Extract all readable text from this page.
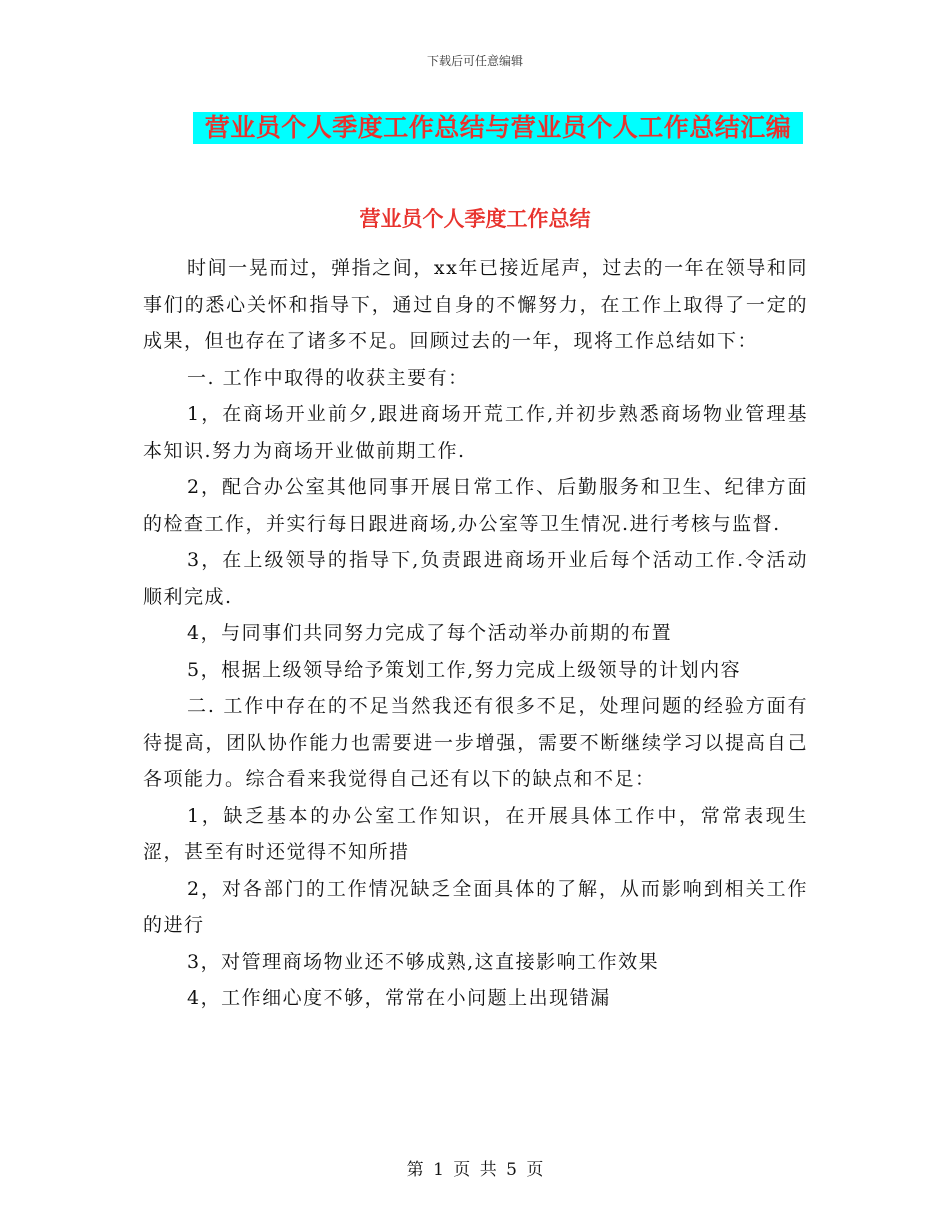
下载后可任意编辑
营业员个人季度工作总结与营业员个人工作总结汇编
营业员个人季度工作总结

时间一晃而过，弹指之间，xx年已接近尾声，过去的一年在领导和同事们的悉心关怀和指导下，通过自身的不懈努力，在工作上取得了一定的成果，但也存在了诸多不足。回顾过去的一年，现将工作总结如下：

一. 工作中取得的收获主要有：

1，在商场开业前夕,跟进商场开荒工作,并初步熟悉商场物业管理基本知识.努力为商场开业做前期工作.

2，配合办公室其他同事开展日常工作、后勤服务和卫生、纪律方面的检查工作，并实行每日跟进商场,办公室等卫生情况.进行考核与监督.

3，在上级领导的指导下,负责跟进商场开业后每个活动工作.令活动顺利完成.

4，与同事们共同努力完成了每个活动举办前期的布置

5，根据上级领导给予策划工作,努力完成上级领导的计划内容

二. 工作中存在的不足当然我还有很多不足，处理问题的经验方面有待提高，团队协作能力也需要进一步增强，需要不断继续学习以提高自己各项能力。综合看来我觉得自己还有以下的缺点和不足：

1，缺乏基本的办公室工作知识，在开展具体工作中，常常表现生涩，甚至有时还觉得不知所措

2，对各部门的工作情况缺乏全面具体的了解，从而影响到相关工作的进行

3，对管理商场物业还不够成熟,这直接影响工作效果

4，工作细心度不够，常常在小问题上出现错漏

第 1 页 共 5 页
